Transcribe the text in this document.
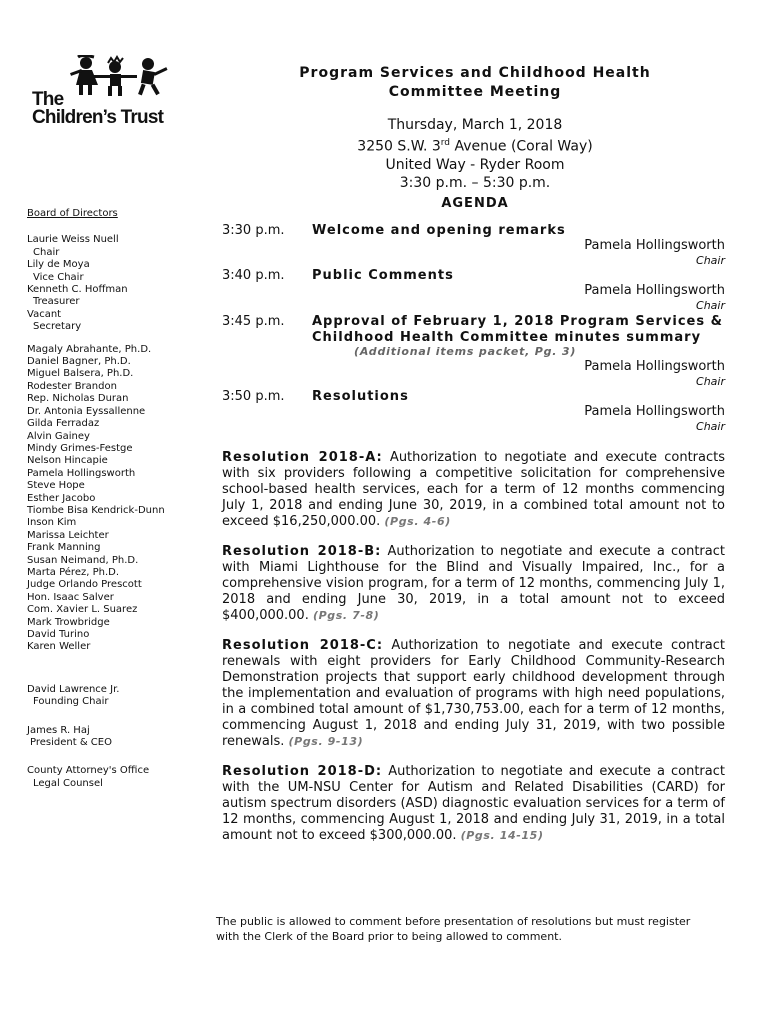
The
Children’s Trust

Program Services and Childhood Health

Committee Meeting

Thursday, March 1, 2018
3250 S.W. 3rd Avenue (Coral Way)
United Way - Ryder Room
3:30 p.m. – 5:30 p.m.
AGENDA
Board of Directors
Laurie Weiss Nuell
Chair
Lily de Moya
Vice Chair
Kenneth C. Hoffman
Treasurer
Vacant
Secretary
Magaly Abrahante, Ph.D.
Daniel Bagner, Ph.D.
Miguel Balsera, Ph.D.
Rodester Brandon
Rep. Nicholas Duran
Dr. Antonia Eyssallenne
Gilda Ferradaz
Alvin Gainey
Mindy Grimes-Festge
Nelson Hincapie
Pamela Hollingsworth
Steve Hope
Esther Jacobo
Tiombe Bisa Kendrick-Dunn
Inson Kim
Marissa Leichter
Frank Manning
Susan Neimand, Ph.D.
Marta Pérez, Ph.D.
Judge Orlando Prescott
Hon. Isaac Salver
Com. Xavier L. Suarez
Mark Trowbridge
David Turino
Karen Weller
David Lawrence Jr.
Founding Chair
James R. Haj
President & CEO
County Attorney's Office
Legal Counsel
3:30 p.m. Welcome and opening remarks
Pamela Hollingsworth
Chair
3:40 p.m. Public Comments
Pamela Hollingsworth
Chair
3:45 p.m. Approval of February 1, 2018 Program Services &
Childhood Health Committee minutes summary
(Additional items packet, Pg. 3)
Pamela Hollingsworth
Chair
3:50 p.m. Resolutions
Pamela Hollingsworth
Chair
Resolution 2018-A: Authorization to negotiate and execute contracts with six providers following a competitive solicitation for comprehensive school-based health services, each for a term of 12 months commencing July 1, 2018 and ending June 30, 2019, in a combined total amount not to exceed $16,250,000.00. (Pgs. 4-6)
Resolution 2018-B: Authorization to negotiate and execute a contract with Miami Lighthouse for the Blind and Visually Impaired, Inc., for a comprehensive vision program, for a term of 12 months, commencing July 1, 2018 and ending June 30, 2019, in a total amount not to exceed $400,000.00. (Pgs. 7-8)
Resolution 2018-C: Authorization to negotiate and execute contract renewals with eight providers for Early Childhood Community-Research Demonstration projects that support early childhood development through the implementation and evaluation of programs with high need populations, in a combined total amount of $1,730,753.00, each for a term of 12 months, commencing August 1, 2018 and ending July 31, 2019, with two possible renewals. (Pgs. 9-13)
Resolution 2018-D: Authorization to negotiate and execute a contract with the UM-NSU Center for Autism and Related Disabilities (CARD) for autism spectrum disorders (ASD) diagnostic evaluation services for a term of 12 months, commencing August 1, 2018 and ending July 31, 2019, in a total amount not to exceed $300,000.00. (Pgs. 14-15)
The public is allowed to comment before presentation of resolutions but must register
with the Clerk of the Board prior to being allowed to comment.
